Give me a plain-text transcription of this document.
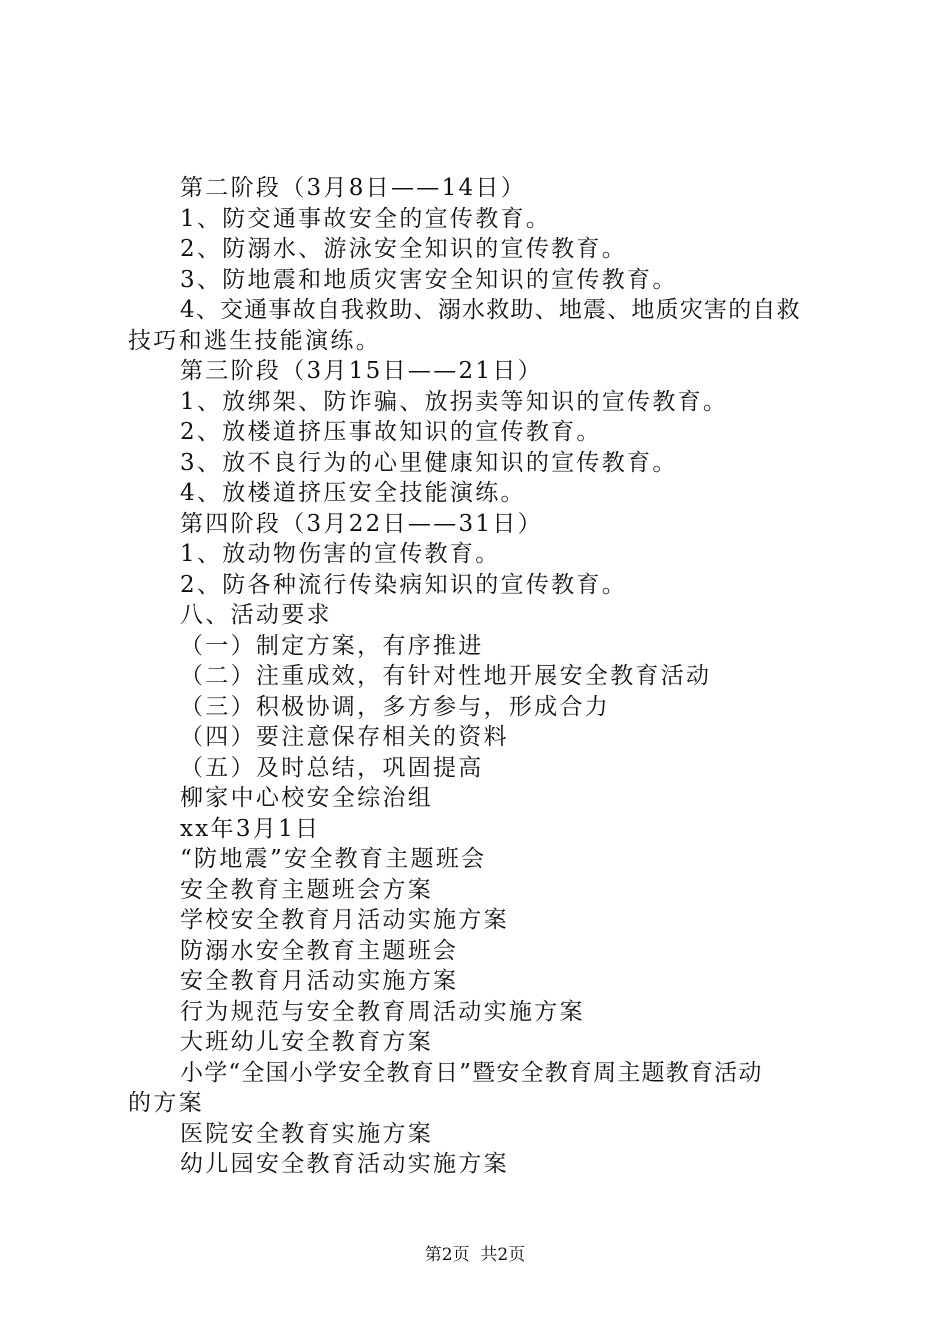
第二阶段（3月8日——14日）
1、防交通事故安全的宣传教育。
2、防溺水、游泳安全知识的宣传教育。
3、防地震和地质灾害安全知识的宣传教育。
4、交通事故自我救助、溺水救助、地震、地质灾害的自救
技巧和逃生技能演练。
第三阶段（3月15日——21日）
1、放绑架、防诈骗、放拐卖等知识的宣传教育。
2、放楼道挤压事故知识的宣传教育。
3、放不良行为的心里健康知识的宣传教育。
4、放楼道挤压安全技能演练。
第四阶段（3月22日——31日）
1、放动物伤害的宣传教育。
2、防各种流行传染病知识的宣传教育。
八、活动要求
（一）制定方案，有序推进
（二）注重成效，有针对性地开展安全教育活动
（三）积极协调，多方参与，形成合力
（四）要注意保存相关的资料
（五）及时总结，巩固提高
柳家中心校安全综治组
xx年3月1日
“防地震”安全教育主题班会
安全教育主题班会方案
学校安全教育月活动实施方案
防溺水安全教育主题班会
安全教育月活动实施方案
行为规范与安全教育周活动实施方案
大班幼儿安全教育方案
小学“全国小学安全教育日”暨安全教育周主题教育活动
的方案
医院安全教育实施方案
幼儿园安全教育活动实施方案
第2页  共2页
